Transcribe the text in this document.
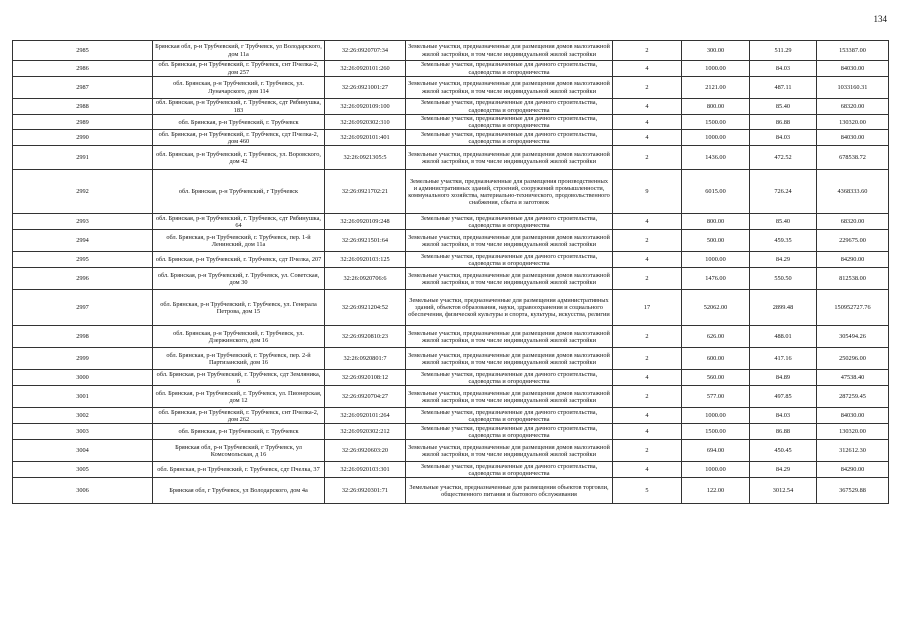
134
2985	Брянская обл, р-н Трубчевский, г Трубчевск, ул Володарского, дом 11а	32:26:0920707:34	Земельные участки, предназначенные для размещения домов малоэтажной жилой застройки, в том числе индивидуальной жилой застройки	2	300.00	511.29	153387.00
2986	обл. Брянская, р-н Трубчевский, г. Трубчевск, снт Пчелка-2, дом 257	32:26:0920101:260	Земельные участки, предназначенные для дачного строительства, садоводства и огородничества	4	1000.00	84.03	84030.00
2987	обл. Брянская, р-н Трубчевский, г. Трубчевск, ул. Луначарского, дом 114	32:26:0921001:27	Земельные участки, предназначенные для размещения домов малоэтажной жилой застройки, в том числе индивидуальной жилой застройки	2	2121.00	487.11	1033160.31
2988	обл. Брянская, р-н Трубчевский, г. Трубчевск, сдт Рябинушка, 183	32:26:0920109:100	Земельные участки, предназначенные для дачного строительства, садоводства и огородничества	4	800.00	85.40	68320.00
2989	обл. Брянская, р-н Трубчевский, г. Трубчевск	32:26:0920302:310	Земельные участки, предназначенные для дачного строительства, садоводства и огородничества	4	1500.00	86.88	130320.00
2990	обл. Брянская, р-н Трубчевский, г. Трубчевск, сдт Пчелка-2, дом 460	32:26:0920101:401	Земельные участки, предназначенные для дачного строительства, садоводства и огородничества	4	1000.00	84.03	84030.00
2991	обл. Брянская, р-н Трубчевский, г. Трубчевск, ул. Воровского, дом 42	32:26:0921305:5	Земельные участки, предназначенные для размещения домов малоэтажной жилой застройки, в том числе индивидуальной жилой застройки	2	1436.00	472.52	678538.72
2992	обл. Брянская, р-н Трубчевский, г Трубчевск	32:26:0921702:21	Земельные участки, предназначенные для размещения производственных и административных зданий, строений, сооружений промышленности, коммунального хозяйства, материально-технического, продовольственного снабжения, сбыта и заготовок	9	6015.00	726.24	4368333.60
2993	обл. Брянская, р-н Трубчевский, г. Трубчевск, сдт Рябинушка, 64	32:26:0920109:248	Земельные участки, предназначенные для дачного строительства, садоводства и огородничества	4	800.00	85.40	68320.00
2994	обл. Брянская, р-н Трубчевский, г. Трубчевск, пер. 1-й Ленинский, дом 11а	32:26:0921501:64	Земельные участки, предназначенные для размещения домов малоэтажной жилой застройки, в том числе индивидуальной жилой застройки	2	500.00	459.35	229675.00
2995	обл. Брянская, р-н Трубчевский, г. Трубчевск, сдт Пчелка, 207	32:26:0920103:125	Земельные участки, предназначенные для дачного строительства, садоводства и огородничества	4	1000.00	84.29	84290.00
2996	обл. Брянская, р-н Трубчевский, г. Трубчевск, ул. Советская, дом 30	32:26:0920706:6	Земельные участки, предназначенные для размещения домов малоэтажной жилой застройки, в том числе индивидуальной жилой застройки	2	1476.00	550.50	812538.00
2997	обл. Брянская, р-н Трубчевский, г. Трубчевск, ул. Генерала Петрова, дом 15	32:26:0921204:52	Земельные участки, предназначенные для размещения административных зданий, объектов образования, науки, здравоохранения и социального обеспечения, физической культуры и спорта, культуры, искусства, религии	17	52062.00	2899.48	150952727.76
2998	обл. Брянская, р-н Трубчевский, г. Трубчевск, ул. Дзержинского, дом 16	32:26:0920810:23	Земельные участки, предназначенные для размещения домов малоэтажной жилой застройки, в том числе индивидуальной жилой застройки	2	626.00	488.01	305494.26
2999	обл. Брянская, р-н Трубчевский, г. Трубчевск, пер. 2-й Партизанский, дом 16	32:26:0920801:7	Земельные участки, предназначенные для размещения домов малоэтажной жилой застройки, в том числе индивидуальной жилой застройки	2	600.00	417.16	250296.00
3000	обл. Брянская, р-н Трубчевский, г. Трубчевск, сдт Земляника, 6	32:26:0920108:12	Земельные участки, предназначенные для дачного строительства, садоводства и огородничества	4	560.00	84.89	47538.40
3001	обл. Брянская, р-н Трубчевский, г. Трубчевск, ул. Пионерская, дом 12	32:26:0920704:27	Земельные участки, предназначенные для размещения домов малоэтажной жилой застройки, в том числе индивидуальной жилой застройки	2	577.00	497.85	287259.45
3002	обл. Брянская, р-н Трубчевский, г. Трубчевск, снт Пчелка-2, дом 262	32:26:0920101:264	Земельные участки, предназначенные для дачного строительства, садоводства и огородничества	4	1000.00	84.03	84030.00
3003	обл. Брянская, р-н Трубчевский, г. Трубчевск	32:26:0920302:212	Земельные участки, предназначенные для дачного строительства, садоводства и огородничества	4	1500.00	86.88	130320.00
3004	Брянская обл, р-н Трубчевский, г Трубчевск, ул Комсомольская, д 16	32:26:0920603:20	Земельные участки, предназначенные для размещения домов малоэтажной жилой застройки, в том числе индивидуальной жилой застройки	2	694.00	450.45	312612.30
3005	обл. Брянская, р-н Трубчевский, г. Трубчевск, сдт Пчелка, 37	32:26:0920103:301	Земельные участки, предназначенные для дачного строительства, садоводства и огородничества	4	1000.00	84.29	84290.00
3006	Брянская обл, г Трубчевск, ул Володарского, дом 4а	32:26:0920301:71	Земельные участки, предназначенные для размещения объектов торговли, общественного питания и бытового обслуживания	5	122.00	3012.54	367529.88
